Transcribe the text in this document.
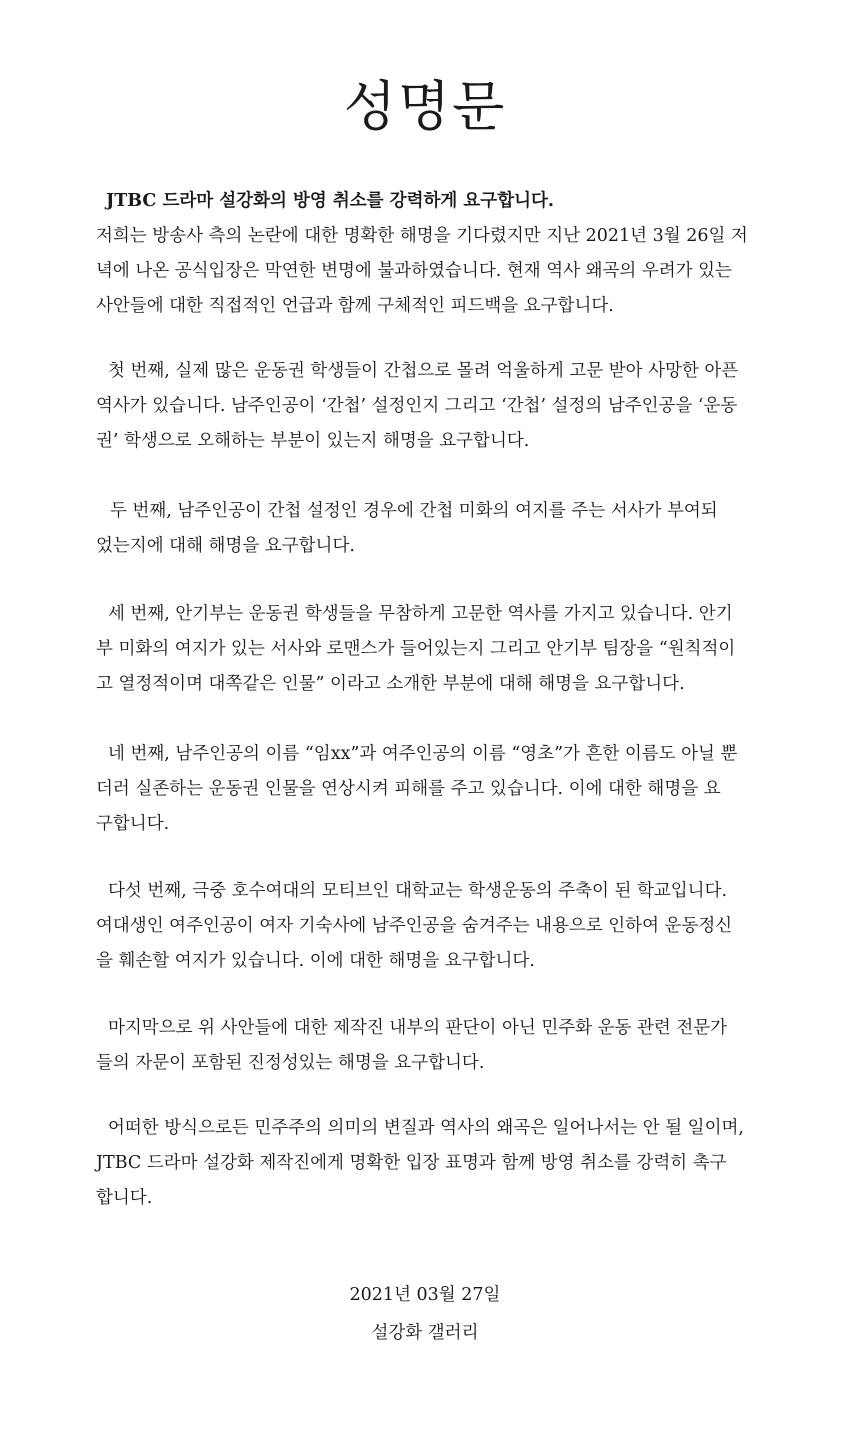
성명문
JTBC 드라마 설강화의 방영 취소를 강력하게 요구합니다.
저희는 방송사 측의 논란에 대한 명확한 해명을 기다렸지만 지난 2021년 3월 26일 저
녁에 나온 공식입장은 막연한 변명에 불과하였습니다. 현재 역사 왜곡의 우려가 있는
사안들에 대한 직접적인 언급과 함께 구체적인 피드백을 요구합니다.
첫 번째, 실제 많은 운동권 학생들이 간첩으로 몰려 억울하게 고문 받아 사망한 아픈
역사가 있습니다. 남주인공이 ‘간첩’ 설정인지 그리고 ‘간첩’ 설정의 남주인공을 ‘운동
권’ 학생으로 오해하는 부분이 있는지 해명을 요구합니다.
두 번째, 남주인공이 간첩 설정인 경우에 간첩 미화의 여지를 주는 서사가 부여되
었는지에 대해 해명을 요구합니다.
세 번째, 안기부는 운동권 학생들을 무참하게 고문한 역사를 가지고 있습니다. 안기
부 미화의 여지가 있는 서사와 로맨스가 들어있는지 그리고 안기부 팀장을 “원칙적이
고 열정적이며 대쪽같은 인물” 이라고 소개한 부분에 대해 해명을 요구합니다.
네 번째, 남주인공의 이름 “임xx”과 여주인공의 이름 “영초”가 흔한 이름도 아닐 뿐
더러 실존하는 운동권 인물을 연상시켜 피해를 주고 있습니다. 이에 대한 해명을 요
구합니다.
다섯 번째, 극중 호수여대의 모티브인 대학교는 학생운동의 주축이 된 학교입니다.
여대생인 여주인공이 여자 기숙사에 남주인공을 숨겨주는 내용으로 인하여 운동정신
을 훼손할 여지가 있습니다. 이에 대한 해명을 요구합니다.
마지막으로 위 사안들에 대한 제작진 내부의 판단이 아닌 민주화 운동 관련 전문가
들의 자문이 포함된 진정성있는 해명을 요구합니다.
어떠한 방식으로든 민주주의 의미의 변질과 역사의 왜곡은 일어나서는 안 될 일이며,
JTBC 드라마 설강화 제작진에게 명확한 입장 표명과 함께 방영 취소를 강력히 촉구
합니다.
2021년 03월 27일
설강화 갤러리
